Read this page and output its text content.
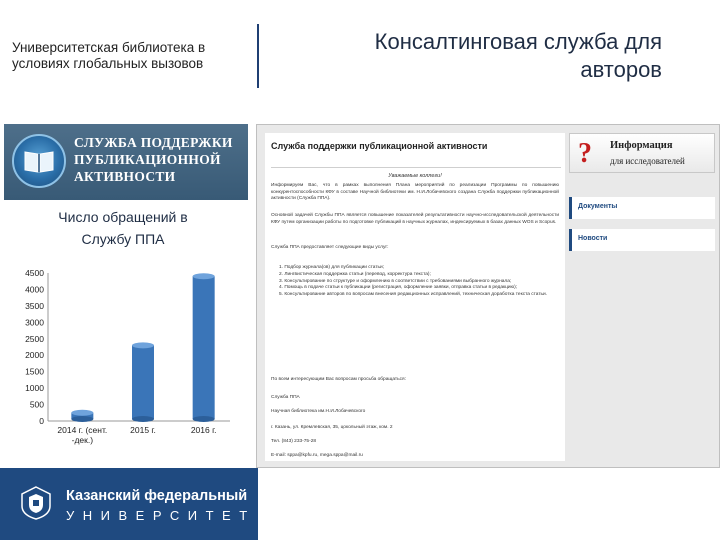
Университетская библиотека в
условиях глобальных вызовов
Консалтинговая служба для
авторов
СЛУЖБА ПОДДЕРЖКИ
ПУБЛИКАЦИОННОЙ
АКТИВНОСТИ
Число обращений в
Службу ППА
0
500
1000
1500
2000
2500
3000
3500
4000
4500
2014 г. (сент.
-дек.)
2015 г.	2016 г.
Казанский федеральный
УНИВЕРСИТЕТ
Служба поддержки публикационной активности
Уважаемые коллеги!
Информируем Вас, что в рамках выполнения Плана мероприятий по реализации Программы по повышению конкурентоспособности КФУ в составе Научной библиотеки им. Н.И.Лобачевского создана Служба поддержки публикационной активности (Служба ППА).
Основной задачей Службы ППА является повышение показателей результативности научно-исследовательской деятельности КФУ путем организации работы по подготовке публикаций в научных журналах, индексируемых в базах данных WOS и Scopus.
Служба ППА предоставляет следующие виды услуг:
1. Подбор журнала(ов) для публикации статьи;
2. Лингвистическая поддержка статьи (перевод, корректура текста);
3. Консультирование по структуре и оформлению в соответствии с требованиями выбранного журнала;
4. Помощь в подаче статьи к публикации (регистрация, оформление заявки, отправка статьи в редакцию);
5. Консультирование авторов по вопросам внесения редакционных исправлений, техническая доработка текста статьи.
По всем интересующим Вас вопросам просьба обращаться:
Служба ППА
Научная библиотека им.Н.И.Лобачевского
г. Казань, ул. Кремлевская, 35, цокольный этаж, ком. 2
Тел. (843) 233-75-28
E-mail: sppa@kpfu.ru, mega.sppa@mail.ru
? Информация
для исследователей
Документы
Новости
